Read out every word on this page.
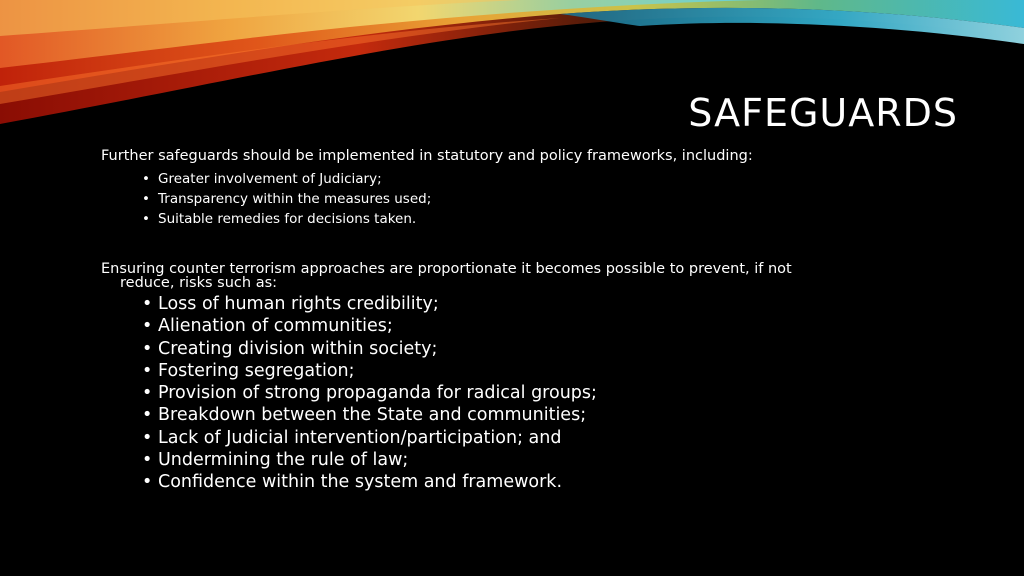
SAFEGUARDS

Further safeguards should be implemented in statutory and policy frameworks, including:

• Greater involvement of Judiciary;
• Transparency within the measures used;
• Suitable remedies for decisions taken.

Ensuring counter terrorism approaches are proportionate it becomes possible to prevent, if not reduce, risks such as:

• Loss of human rights credibility;
• Alienation of communities;
• Creating division within society;
• Fostering segregation;
• Provision of strong propaganda for radical groups;
• Breakdown between the State and communities;
• Lack of Judicial intervention/participation; and
• Undermining the rule of law;
• Confidence within the system and framework.
